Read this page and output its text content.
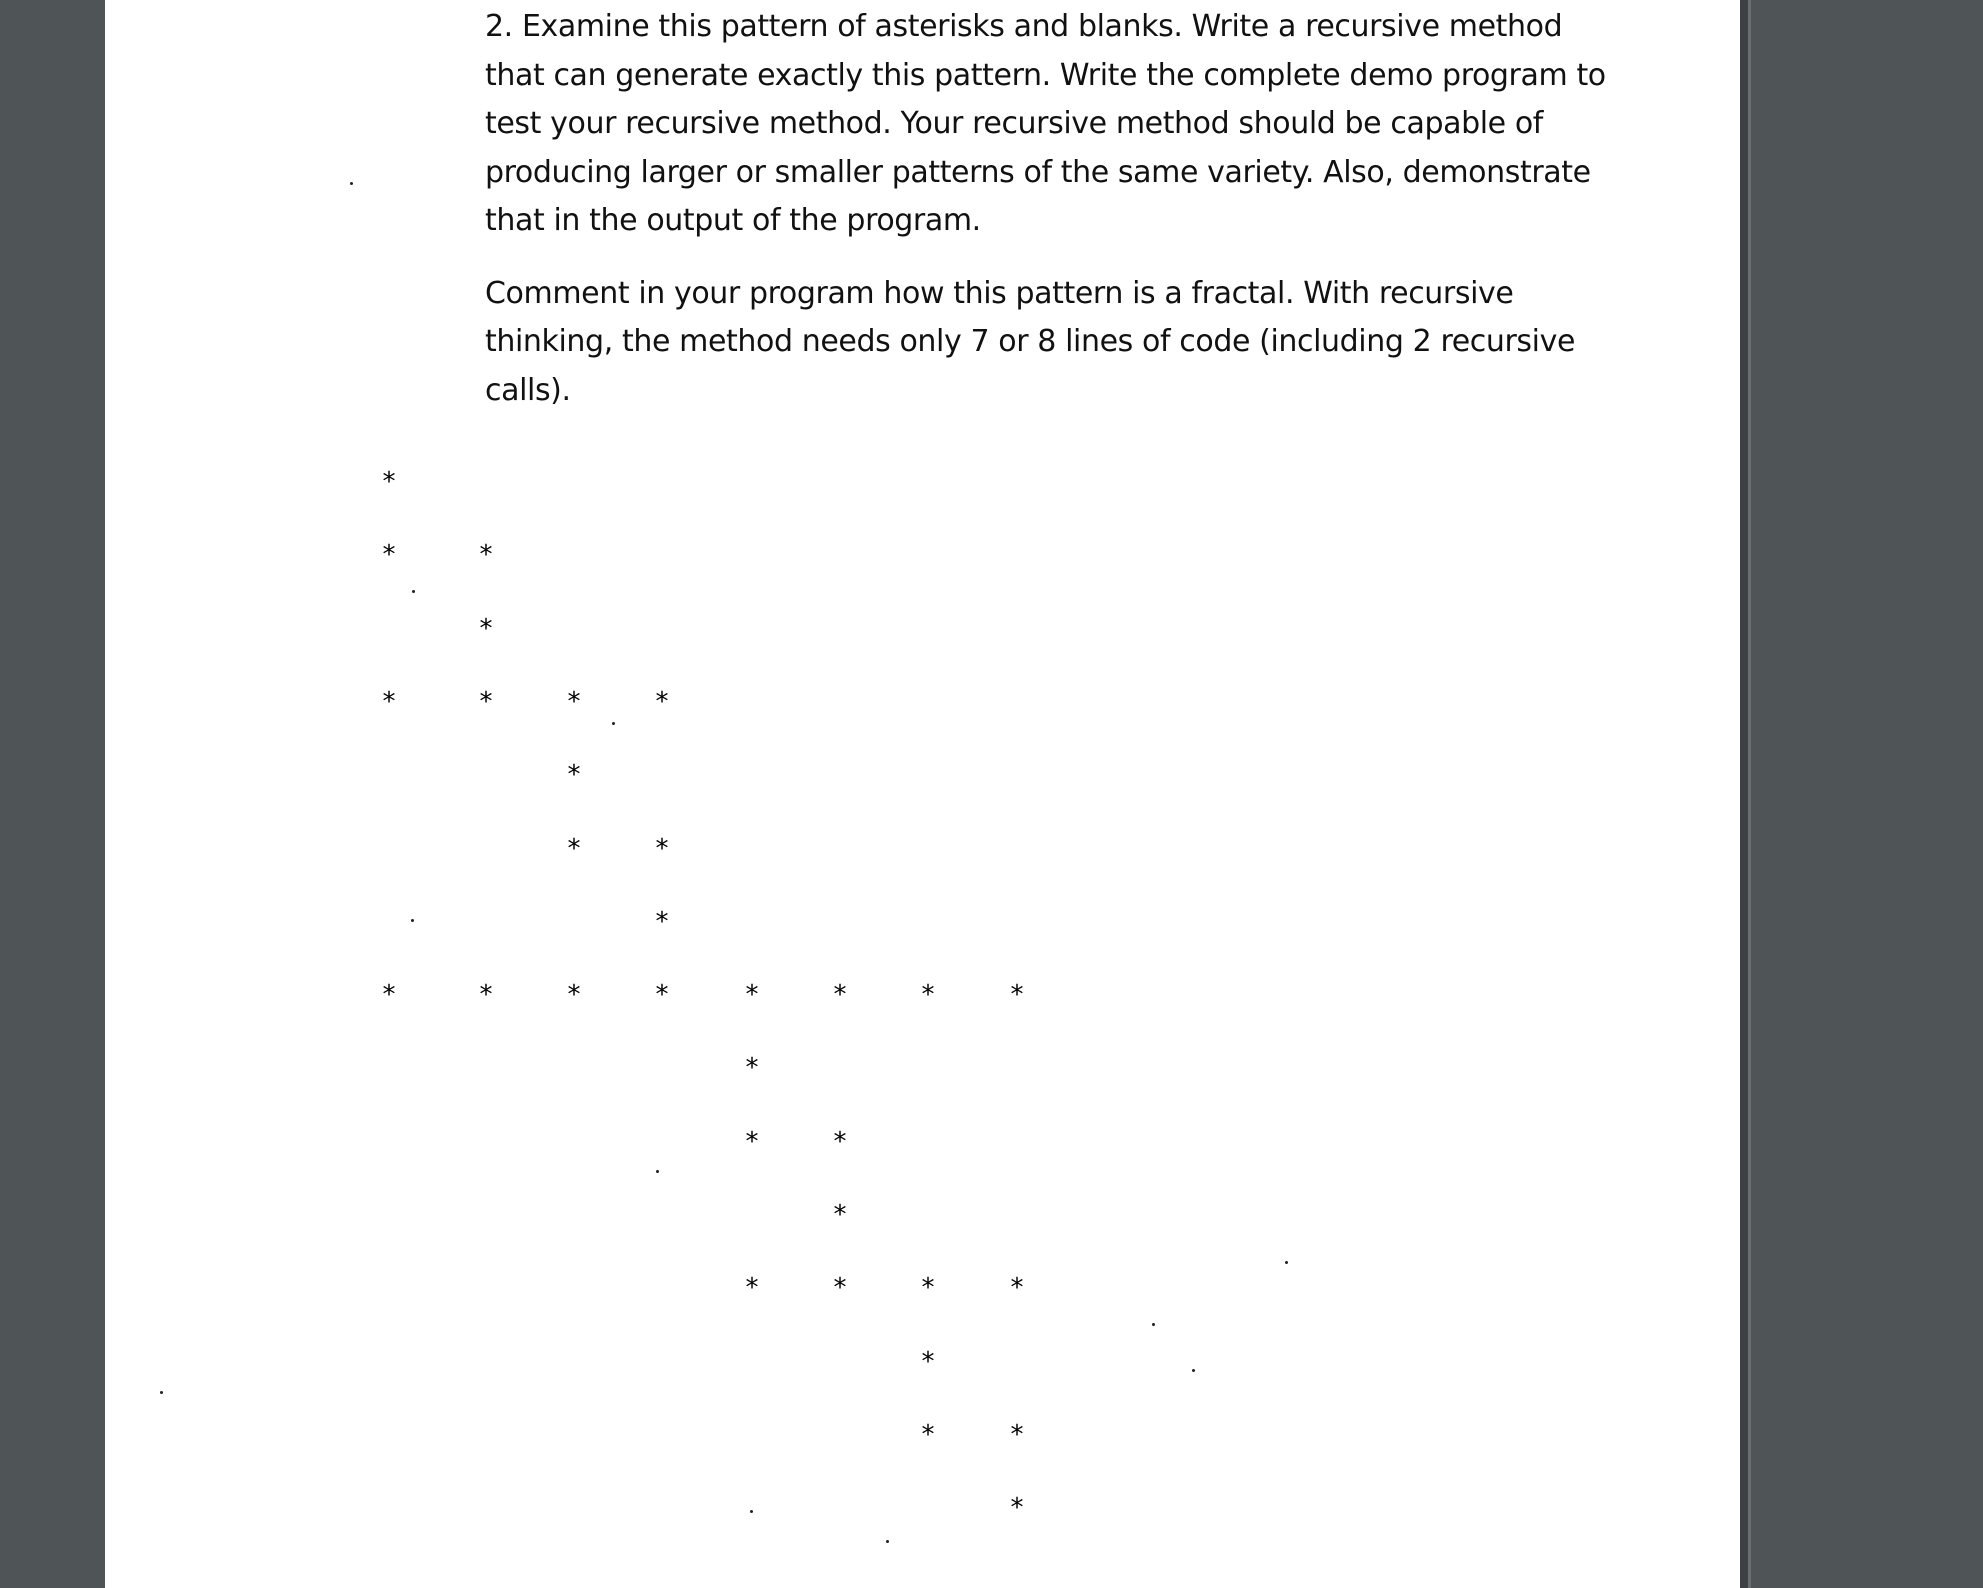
2. Examine this pattern of asterisks and blanks. Write a recursive method that can generate exactly this pattern. Write the complete demo program to test your recursive method. Your recursive method should be capable of producing larger or smaller patterns of the same variety. Also, demonstrate that in the output of the program.

Comment in your program how this pattern is a fractal. With recursive thinking, the method needs only 7 or 8 lines of code (including 2 recursive calls).

*
*	*
*
*	*	*	*
*
*	*
*
*	*	*	*	*	*	*	*
*
*	*
*
*	*	*	*
*
*	*
*
